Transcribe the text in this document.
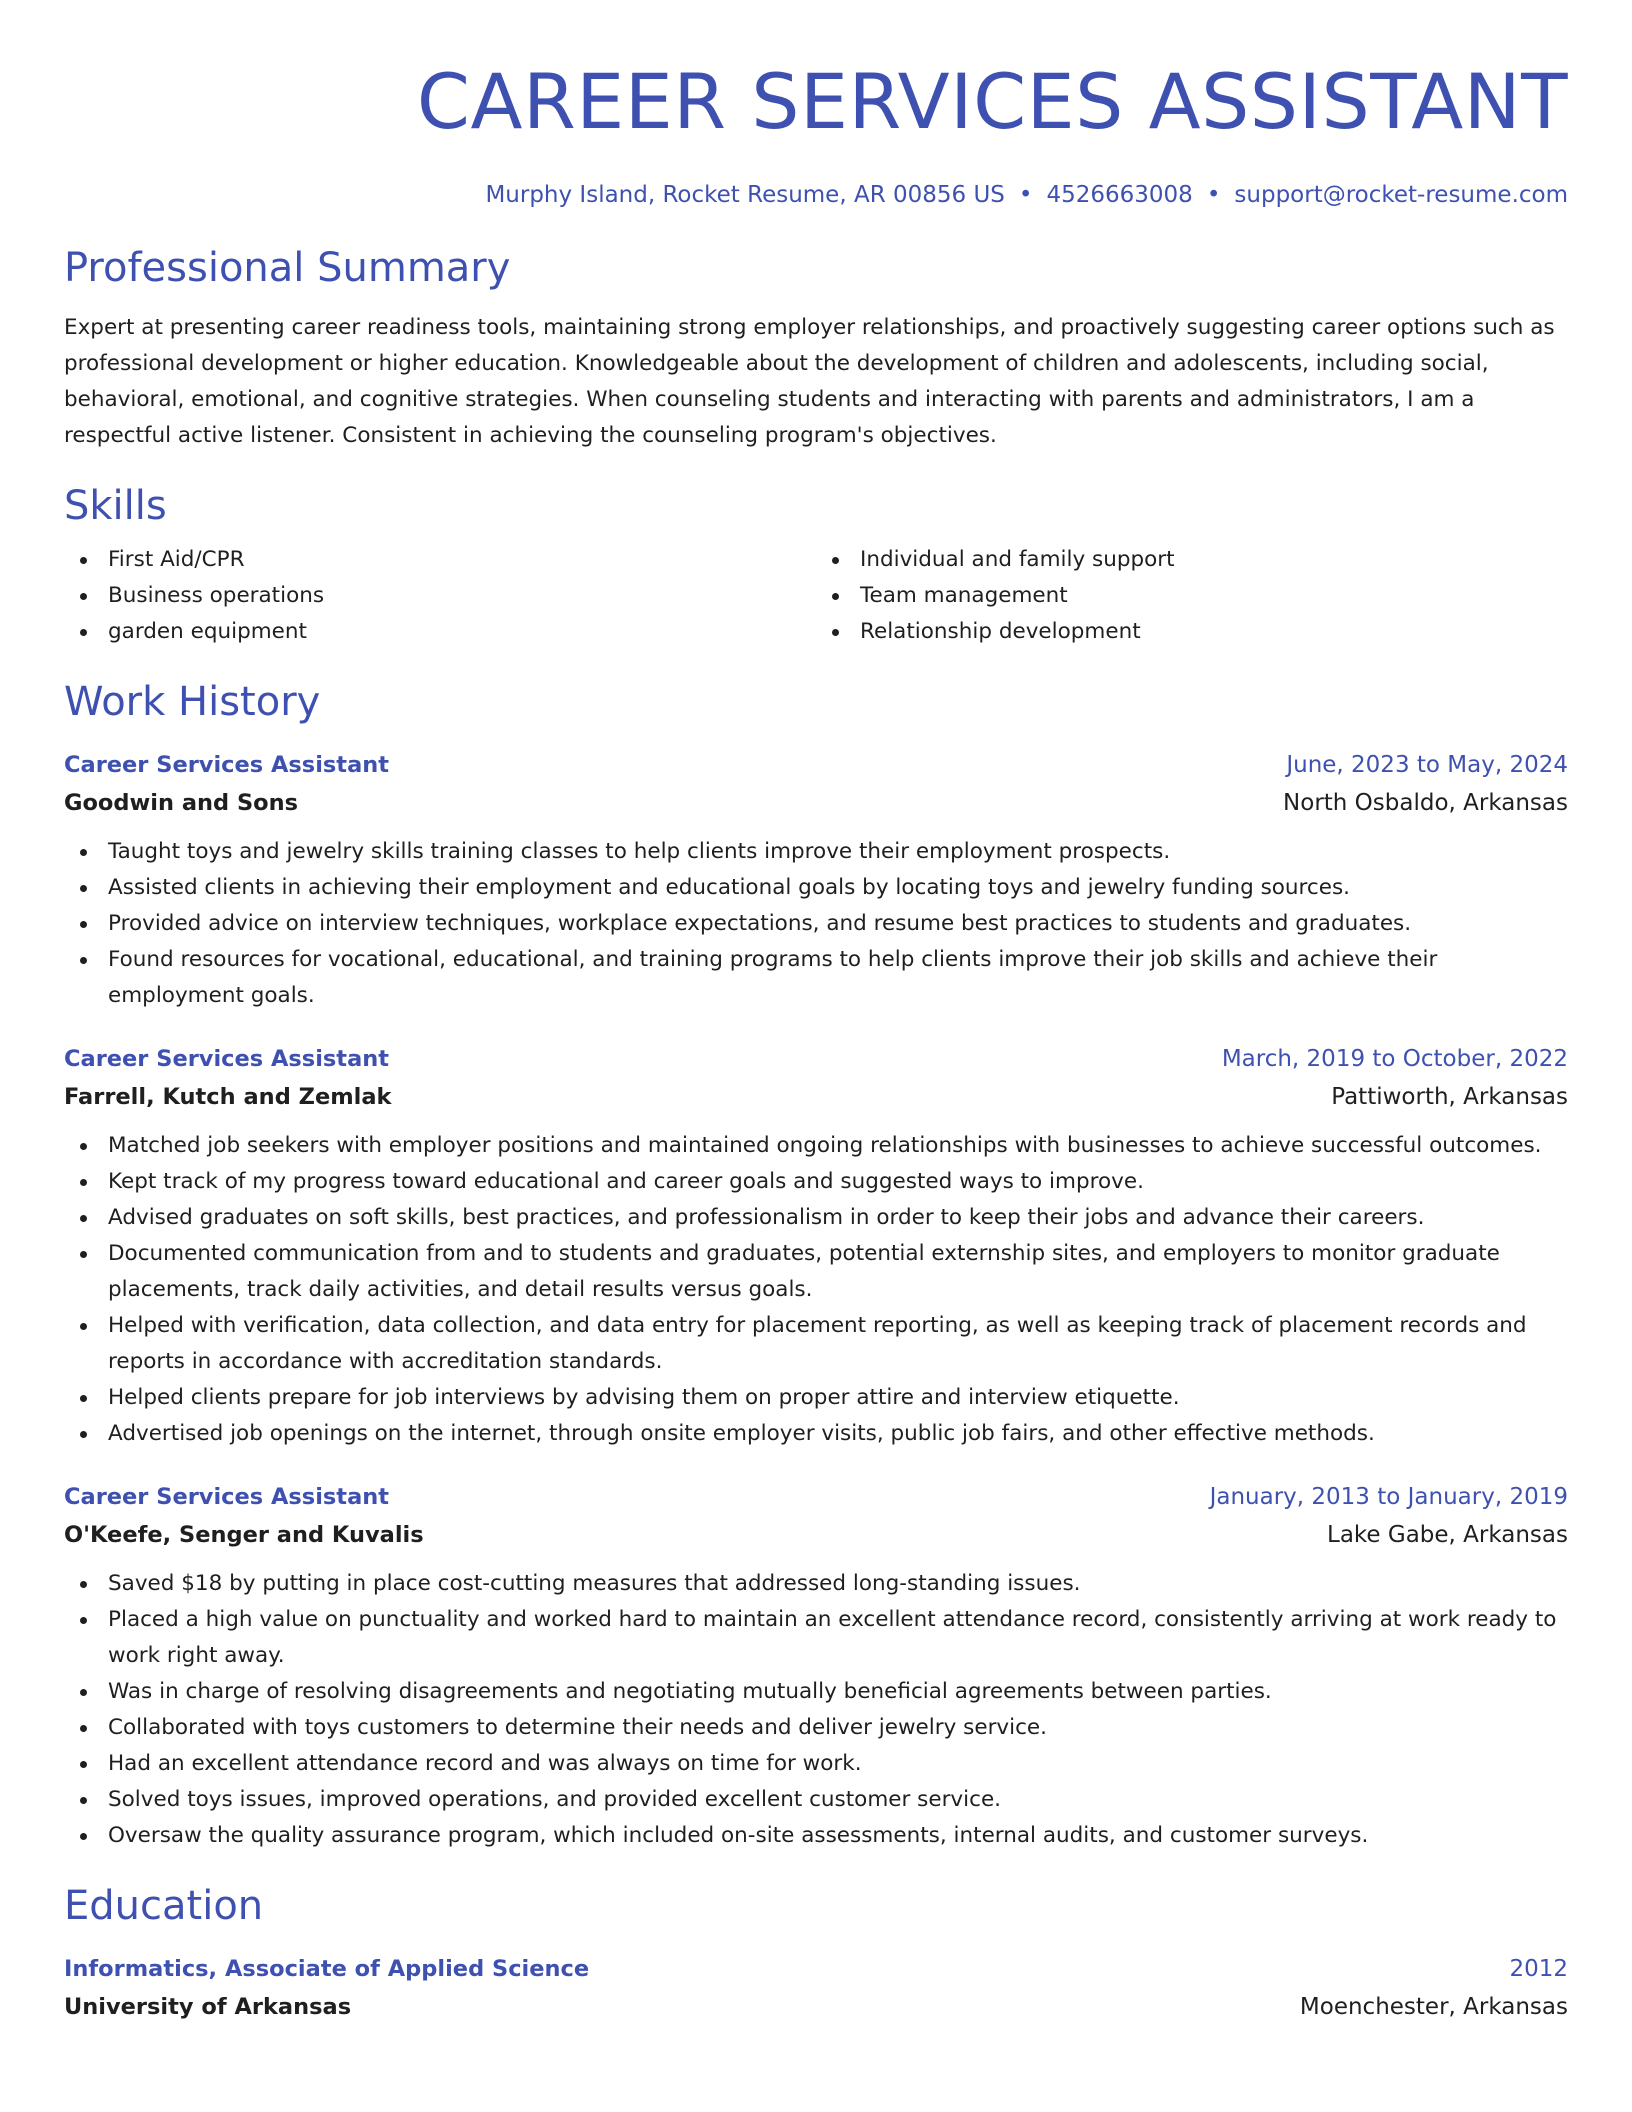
CAREER SERVICES ASSISTANT
Murphy Island, Rocket Resume, AR 00856 US • 4526663008 • support@rocket-resume.com
Professional Summary

Expert at presenting career readiness tools, maintaining strong employer relationships, and proactively suggesting career options such as professional development or higher education. Knowledgeable about the development of children and adolescents, including social, behavioral, emotional, and cognitive strategies. When counseling students and interacting with parents and administrators, I am a respectful active listener. Consistent in achieving the counseling program's objectives.

Skills
First Aid/CPR
Business operations
garden equipment
Individual and family support
Team management
Relationship development
Work History
Career Services Assistant	June, 2023 to May, 2024
Goodwin and Sons	North Osbaldo, Arkansas
Taught toys and jewelry skills training classes to help clients improve their employment prospects.
Assisted clients in achieving their employment and educational goals by locating toys and jewelry funding sources.
Provided advice on interview techniques, workplace expectations, and resume best practices to students and graduates.
Found resources for vocational, educational, and training programs to help clients improve their job skills and achieve their employment goals.
Career Services Assistant	March, 2019 to October, 2022
Farrell, Kutch and Zemlak	Pattiworth, Arkansas
Matched job seekers with employer positions and maintained ongoing relationships with businesses to achieve successful outcomes.
Kept track of my progress toward educational and career goals and suggested ways to improve.
Advised graduates on soft skills, best practices, and professionalism in order to keep their jobs and advance their careers.
Documented communication from and to students and graduates, potential externship sites, and employers to monitor graduate placements, track daily activities, and detail results versus goals.
Helped with verification, data collection, and data entry for placement reporting, as well as keeping track of placement records and reports in accordance with accreditation standards.
Helped clients prepare for job interviews by advising them on proper attire and interview etiquette.
Advertised job openings on the internet, through onsite employer visits, public job fairs, and other effective methods.
Career Services Assistant	January, 2013 to January, 2019
O'Keefe, Senger and Kuvalis	Lake Gabe, Arkansas
Saved $18 by putting in place cost-cutting measures that addressed long-standing issues.
Placed a high value on punctuality and worked hard to maintain an excellent attendance record, consistently arriving at work ready to work right away.
Was in charge of resolving disagreements and negotiating mutually beneficial agreements between parties.
Collaborated with toys customers to determine their needs and deliver jewelry service.
Had an excellent attendance record and was always on time for work.
Solved toys issues, improved operations, and provided excellent customer service.
Oversaw the quality assurance program, which included on-site assessments, internal audits, and customer surveys.
Education
Informatics, Associate of Applied Science	2012
University of Arkansas	Moenchester, Arkansas
